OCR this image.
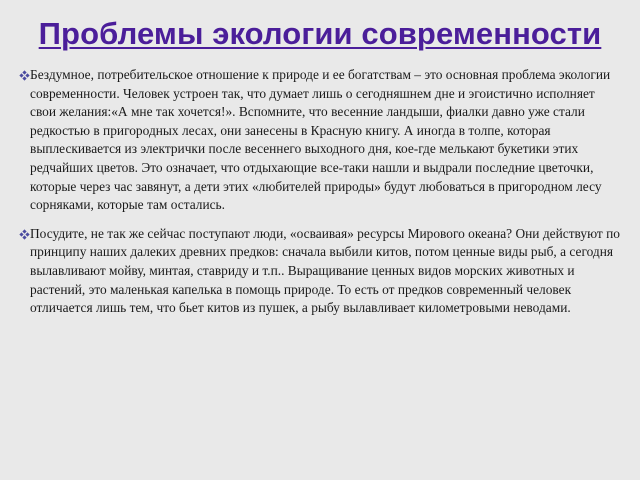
Проблемы экологии современности

Бездумное, потребительское отношение к природе и ее богатствам – это основная проблема экологии современности. Человек устроен так, что думает лишь о сегодняшнем дне и эгоистично исполняет свои желания:«А мне так хочется!». Вспомните, что весенние ландыши, фиалки давно уже стали редкостью в пригородных лесах, они занесены в Красную книгу. А иногда в толпе, которая выплескивается из электрички после весеннего выходного дня, кое-где мелькают букетики этих редчайших цветов. Это означает, что отдыхающие все-таки нашли и выдрали последние цветочки, которые через час завянут, а дети этих «любителей природы» будут любоваться в пригородном лесу сорняками, которые там остались.

Посудите, не так же сейчас поступают люди, «осваивая» ресурсы Мирового океана? Они действуют по принципу наших далеких древних предков: сначала выбили китов, потом ценные виды рыб, а сегодня вылавливают мойву, минтая, ставриду и т.п.. Выращивание ценных видов морских животных и растений, это маленькая капелька в помощь природе. То есть от предков современный человек отличается лишь тем, что бьет китов из пушек, а рыбу вылавливает километровыми неводами.
